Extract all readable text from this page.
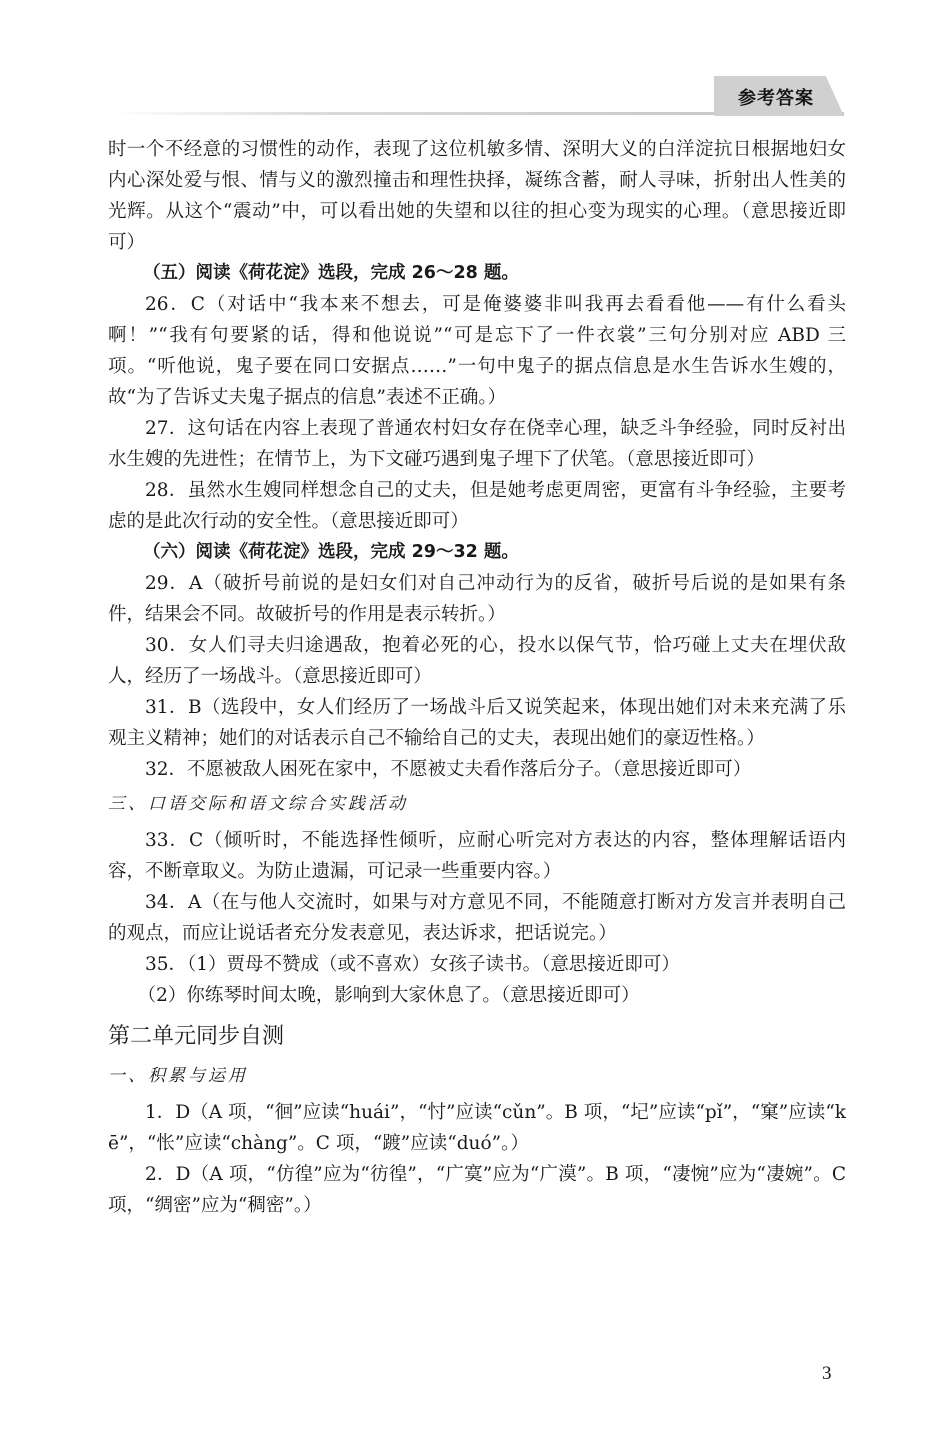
参考答案

时一个不经意的习惯性的动作，表现了这位机敏多情、深明大义的白洋淀抗日根据地妇女内心深处爱与恨、情与义的激烈撞击和理性抉择，凝练含蓄，耐人寻味，折射出人性美的光辉。从这个“震动”中，可以看出她的失望和以往的担心变为现实的心理。（意思接近即可）

（五）阅读《荷花淀》选段，完成 26～28 题。

26．C（对话中“我本来不想去，可是俺婆婆非叫我再去看看他——有什么看头啊！”“我有句要紧的话，得和他说说”“可是忘下了一件衣裳”三句分别对应 ABD 三项。“听他说，鬼子要在同口安据点……”一句中鬼子的据点信息是水生告诉水生嫂的，故“为了告诉丈夫鬼子据点的信息”表述不正确。）

27．这句话在内容上表现了普通农村妇女存在侥幸心理，缺乏斗争经验，同时反衬出水生嫂的先进性；在情节上，为下文碰巧遇到鬼子埋下了伏笔。（意思接近即可）

28．虽然水生嫂同样想念自己的丈夫，但是她考虑更周密，更富有斗争经验，主要考虑的是此次行动的安全性。（意思接近即可）

（六）阅读《荷花淀》选段，完成 29～32 题。

29．A（破折号前说的是妇女们对自己冲动行为的反省，破折号后说的是如果有条件，结果会不同。故破折号的作用是表示转折。）

30．女人们寻夫归途遇敌，抱着必死的心，投水以保气节，恰巧碰上丈夫在埋伏敌人，经历了一场战斗。（意思接近即可）

31．B（选段中，女人们经历了一场战斗后又说笑起来，体现出她们对未来充满了乐观主义精神；她们的对话表示自己不输给自己的丈夫，表现出她们的豪迈性格。）

32．不愿被敌人困死在家中，不愿被丈夫看作落后分子。（意思接近即可）

三、口语交际和语文综合实践活动

33．C（倾听时，不能选择性倾听，应耐心听完对方表达的内容，整体理解话语内容，不断章取义。为防止遗漏，可记录一些重要内容。）

34．A（在与他人交流时，如果与对方意见不同，不能随意打断对方发言并表明自己的观点，而应让说话者充分发表意见，表达诉求，把话说完。）

35．（1）贾母不赞成（或不喜欢）女孩子读书。（意思接近即可）

（2）你练琴时间太晚，影响到大家休息了。（意思接近即可）

第二单元同步自测

一、积累与运用

1．D（A 项，“徊”应读“huái”，“忖”应读“cǔn”。B 项，“圮”应读“pǐ”，“窠”应读“kē”，“怅”应读“chàng”。C 项，“踱”应读“duó”。）

2．D（A 项，“仿徨”应为“彷徨”，“广寞”应为“广漠”。B 项，“凄惋”应为“凄婉”。C 项，“绸密”应为“稠密”。）

3
